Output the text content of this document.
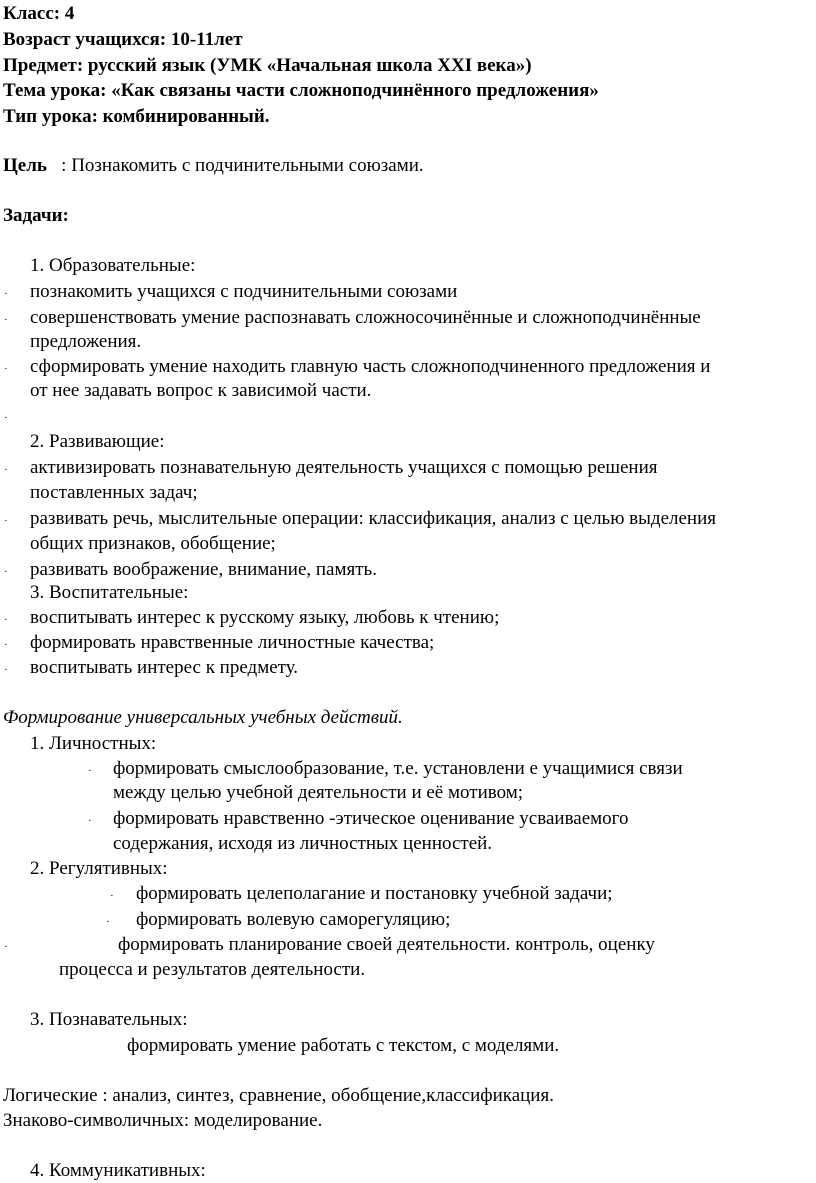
Класс: 4
Возраст учащихся: 10-11лет
Предмет: русский язык (УМК «Начальная школа XXI века»)
Тема урока: «Как связаны части сложноподчинённого предложения»
Тип урока: комбинированный.
Цель : Познакомить с подчинительными союзами.
Задачи:
1. Образовательные:
· познакомить учащихся с подчинительными союзами
· совершенствовать умение распознавать сложносочинённые и сложноподчинённые
предложения.
· сформировать умение находить главную часть сложноподчиненного предложения и
от нее задавать вопрос к зависимой части.
·
2. Развивающие:
· активизировать познавательную деятельность учащихся с помощью решения
поставленных задач;
· развивать речь, мыслительные операции: классификация, анализ с целью выделения
общих признаков, обобщение;
· развивать воображение, внимание, память.
3. Воспитательные:
· воспитывать интерес к русскому языку, любовь к чтению;
· формировать нравственные личностные качества;
· воспитывать интерес к предмету.
Формирование универсальных учебных действий.
1. Личностных:
· формировать смыслообразование, т.е. установлени е учащимися связи
между целью учебной деятельности и её мотивом;
· формировать нравственно -этическое оценивание усваиваемого
содержания, исходя из личностных ценностей.
2. Регулятивных:
· формировать целеполагание и постановку учебной задачи;
· формировать волевую саморегуляцию;
·	формировать планирование своей деятельности. контроль, оценку
процесса и результатов деятельности.
3. Познавательных:
формировать умение работать с текстом, с моделями.
Логические : анализ, синтез, сравнение, обобщение,классификация.
Знаково-символичных: моделирование.
4. Коммуникативных:
